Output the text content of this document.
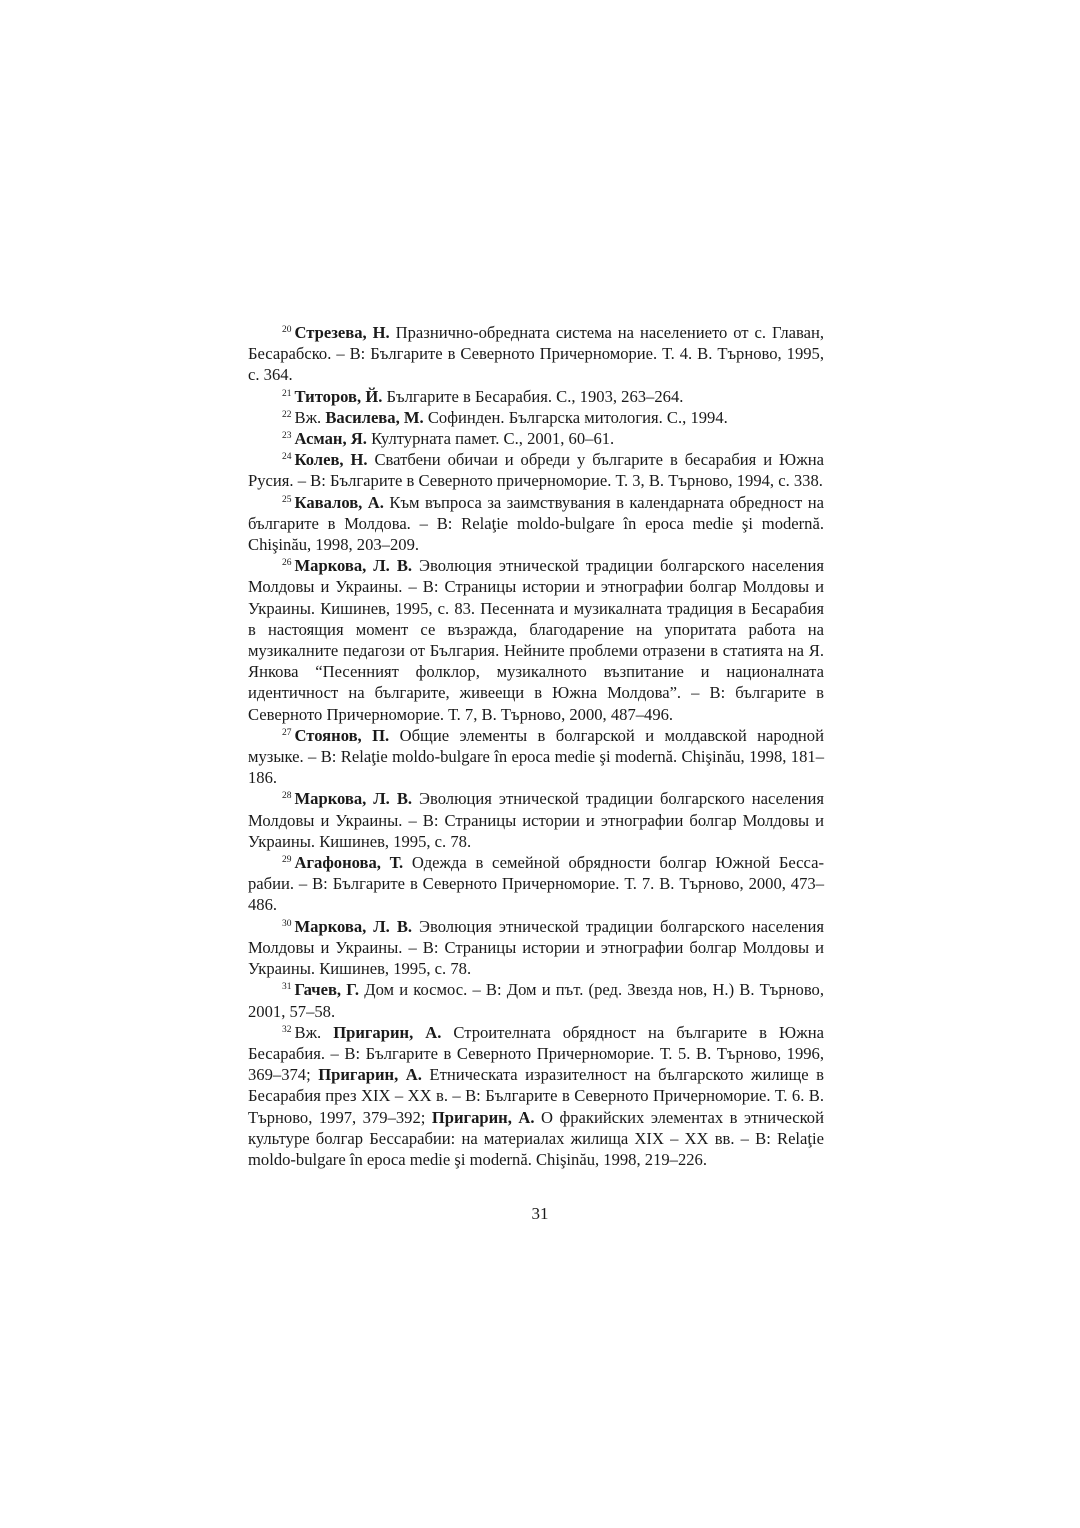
$^{20}$ Стрезева, Н. Празнично-обредната система на населението от с. Главан, Бесарабско. – В: Българите в Северното Причерноморие. Т. 4. В. Търново, 1995, с. 364.

$^{21}$ Титоров, Й. Българите в Бесарабия. С., 1903, 263–264.

$^{22}$ Вж. Василева, М. Софинден. Българска митология. С., 1994.

$^{23}$ Асман, Я. Културната памет. С., 2001, 60–61.

$^{24}$ Колев, Н. Сватбени обичаи и обреди у българите в бесарабия и Южна Русия. – В: Българите в Северното причерноморие. Т. 3, В. Търново, 1994, с. 338.

$^{25}$ Кавалов, А. Към въпроса за заимствувания в календарната обредност на българите в Молдова. – В: Relaţie moldo-bulgare în epoca medie şi modernă. Chişinău, 1998, 203–209.

$^{26}$ Маркова, Л. В. Эволюция этнической традиции болгарского населения Молдовы и Украины. – В: Страницы истории и этнографии болгар Молдовы и Украины. Кишинев, 1995, с. 83. Песенната и музикалната традиция в Бесарабия в настоящия момент се възражда, благодарение на упоритата работа на музикалните педагози от България. Нейните проблеми отразени в статията на Я. Янкова “Песенният фолклор, музикалното възпитание и националната идентичност на българите, живеещи в Южна Молдова”. – В: българите в Северното Причерноморие. Т. 7, В. Търново, 2000, 487–496.

$^{27}$ Стоянов, П. Общие элементы в болгарской и молдавской народной музыке. – В: Relaţie moldo-bulgare în epoca medie şi modernă. Chişinău, 1998, 181–186.

$^{28}$ Маркова, Л. В. Эволюция этнической традиции болгарского населения Молдовы и Украины. – В: Страницы истории и этнографии болгар Молдовы и Украины. Кишинев, 1995, с. 78.

$^{29}$ Агафонова, Т. Одежда в семейной обрядности болгар Южной Бессарабии. – В: Българите в Северното Причерноморие. Т. 7. В. Търново, 2000, 473–486.

$^{30}$ Маркова, Л. В. Эволюция этнической традиции болгарского населения Молдовы и Украины. – В: Страницы истории и этнографии болгар Молдовы и Украины. Кишинев, 1995, с. 78.

$^{31}$ Гачев, Г. Дом и космос. – В: Дом и път. (ред. Звезда нов, Н.) В. Търново, 2001, 57–58.

$^{32}$ Вж. Пригарин, А. Строителната обрядност на българите в Южна Бесарабия. – В: Българите в Северното Причерноморие. Т. 5. В. Търново, 1996, 369–374; Пригарин, А. Етническата изразителност на българското жилище в Бесарабия през XIX – XX в. – В: Българите в Северното Причерноморие. Т. 6. В. Търново, 1997, 379–392; Пригарин, А. О фракийских элементах в этнической культуре болгар Бессарабии: на материалах жилища XIX – XX вв. – В: Relaţie moldo-bulgare în epoca medie şi modernă. Chişinău, 1998, 219–226.

31
